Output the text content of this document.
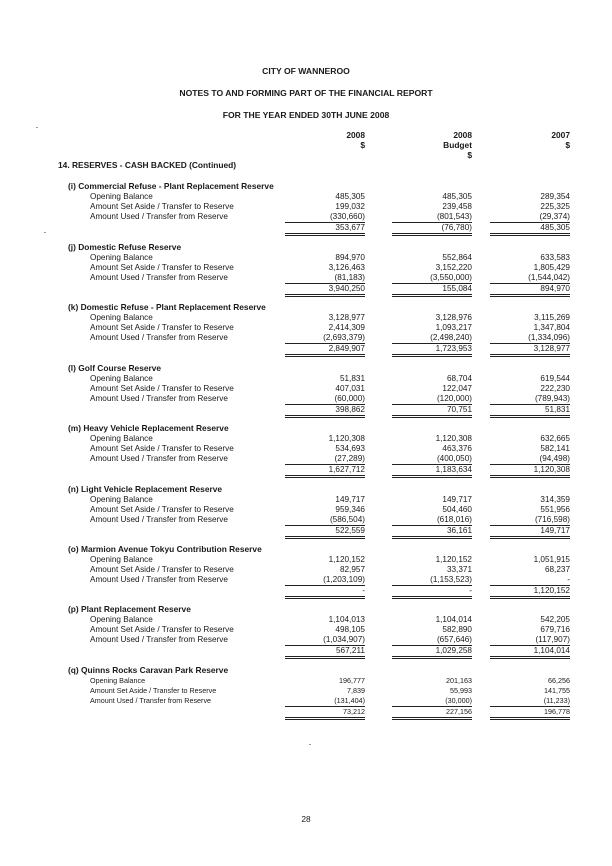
CITY OF WANNEROO
NOTES TO AND FORMING PART OF THE FINANCIAL REPORT
FOR THE YEAR ENDED 30TH JUNE 2008
2008
$
2008
Budget
$
2007
$
14. RESERVES - CASH BACKED (Continued)
(i) Commercial Refuse - Plant Replacement Reserve
Opening Balance	485,305	485,305	289,354
Amount Set Aside / Transfer to Reserve	199,032	239,458	225,325
Amount Used / Transfer from Reserve	(330,660)	(801,543)	(29,374)
353,677	(76,780)	485,305
(j) Domestic Refuse Reserve
Opening Balance	894,970	552,864	633,583
Amount Set Aside / Transfer to Reserve	3,126,463	3,152,220	1,805,429
Amount Used / Transfer from Reserve	(81,183)	(3,550,000)	(1,544,042)
3,940,250	155,084	894,970
(k) Domestic Refuse - Plant Replacement Reserve
Opening Balance	3,128,977	3,128,976	3,115,269
Amount Set Aside / Transfer to Reserve	2,414,309	1,093,217	1,347,804
Amount Used / Transfer from Reserve	(2,693,379)	(2,498,240)	(1,334,096)
2,849,907	1,723,953	3,128,977
(l) Golf Course Reserve
Opening Balance	51,831	68,704	619,544
Amount Set Aside / Transfer to Reserve	407,031	122,047	222,230
Amount Used / Transfer from Reserve	(60,000)	(120,000)	(789,943)
398,862	70,751	51,831
(m) Heavy Vehicle Replacement Reserve
Opening Balance	1,120,308	1,120,308	632,665
Amount Set Aside / Transfer to Reserve	534,693	463,376	582,141
Amount Used / Transfer from Reserve	(27,289)	(400,050)	(94,498)
1,627,712	1,183,634	1,120,308
(n) Light Vehicle Replacement Reserve
Opening Balance	149,717	149,717	314,359
Amount Set Aside / Transfer to Reserve	959,346	504,460	551,956
Amount Used / Transfer from Reserve	(586,504)	(618,016)	(716,598)
522,559	36,161	149,717
(o) Marmion Avenue Tokyu Contribution Reserve
Opening Balance	1,120,152	1,120,152	1,051,915
Amount Set Aside / Transfer to Reserve	82,957	33,371	68,237
Amount Used / Transfer from Reserve	(1,203,109)	(1,153,523)	-
-	-	1,120,152
(p) Plant Replacement Reserve
Opening Balance	1,104,013	1,104,014	542,205
Amount Set Aside / Transfer to Reserve	498,105	582,890	679,716
Amount Used / Transfer from Reserve	(1,034,907)	(657,646)	(117,907)
567,211	1,029,258	1,104,014
(q) Quinns Rocks Caravan Park Reserve
Opening Balance	196,777	201,163	66,256
Amount Set Aside / Transfer to Reserve	7,839	55,993	141,755
Amount Used / Transfer from Reserve	(131,404)	(30,000)	(11,233)
73,212	227,156	196,778
28
